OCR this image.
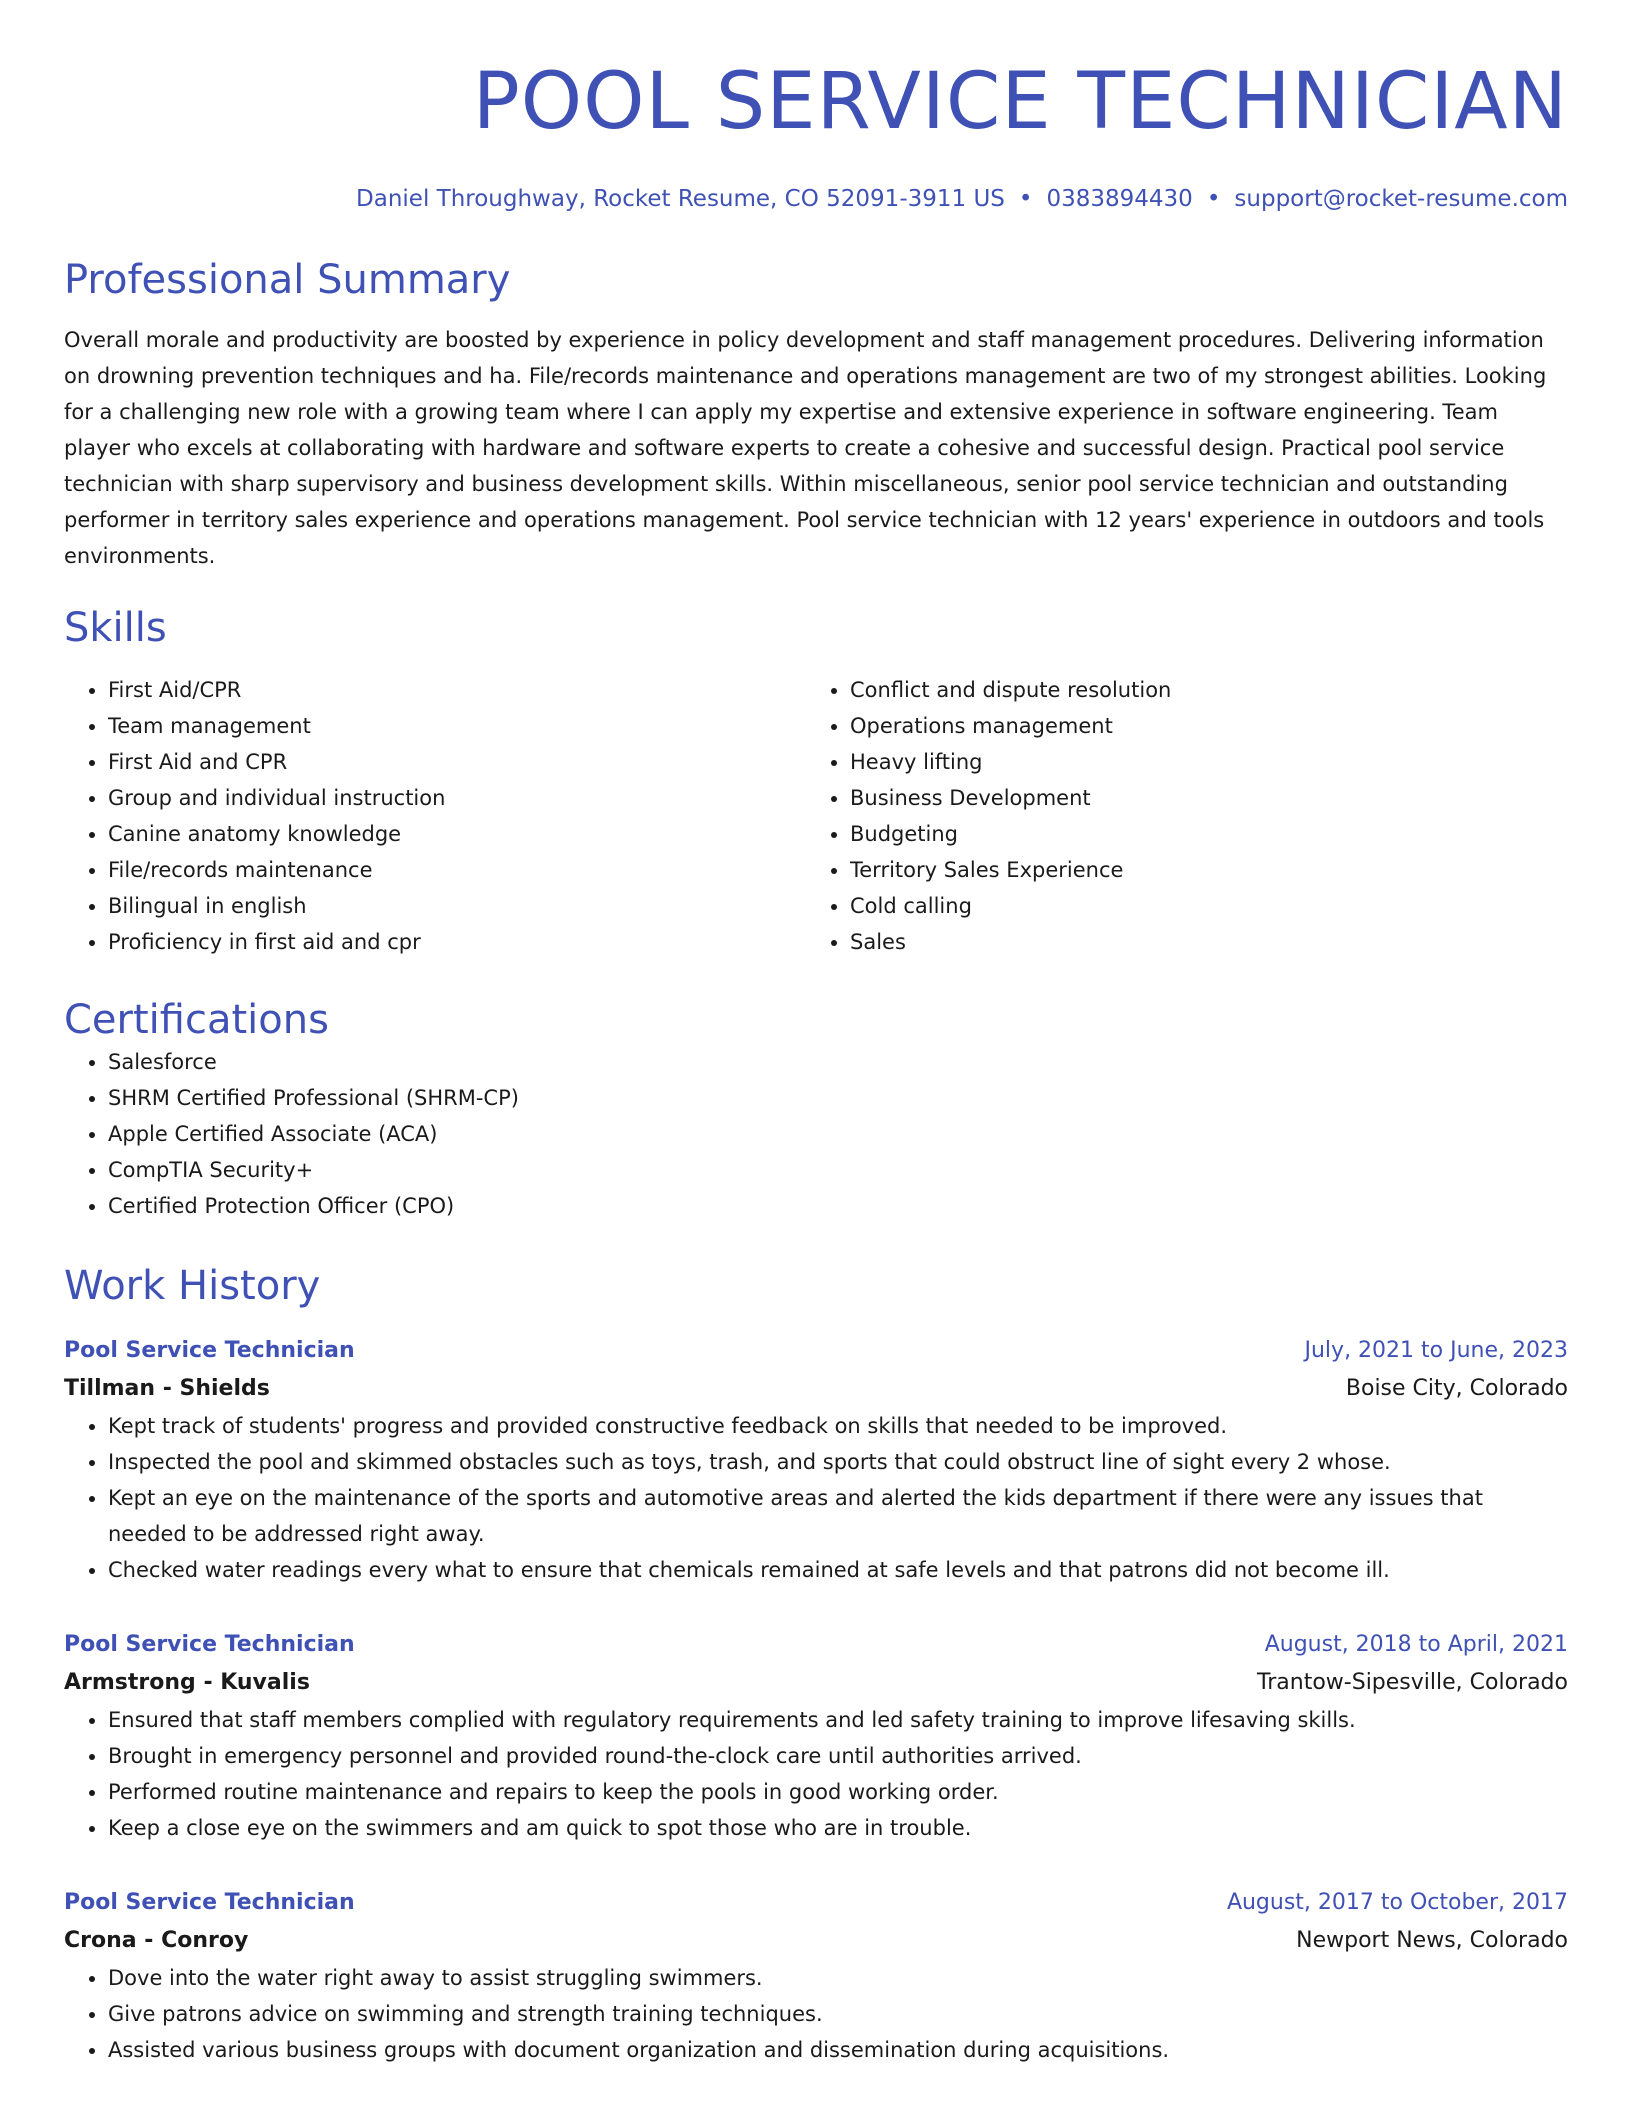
POOL SERVICE TECHNICIAN
Daniel Throughway, Rocket Resume, CO 52091-3911 US • 0383894430 • support@rocket-resume.com
Professional Summary

Overall morale and productivity are boosted by experience in policy development and staff management procedures. Delivering information on drowning prevention techniques and ha. File/records maintenance and operations management are two of my strongest abilities. Looking for a challenging new role with a growing team where I can apply my expertise and extensive experience in software engineering. Team player who excels at collaborating with hardware and software experts to create a cohesive and successful design. Practical pool service technician with sharp supervisory and business development skills. Within miscellaneous, senior pool service technician and outstanding performer in territory sales experience and operations management. Pool service technician with 12 years' experience in outdoors and tools environments.

Skills
• First Aid/CPR
• Team management
• First Aid and CPR
• Group and individual instruction
• Canine anatomy knowledge
• File/records maintenance
• Bilingual in english
• Proficiency in first aid and cpr
• Conflict and dispute resolution
• Operations management
• Heavy lifting
• Business Development
• Budgeting
• Territory Sales Experience
• Cold calling
• Sales
Certifications
• Salesforce
• SHRM Certified Professional (SHRM-CP)
• Apple Certified Associate (ACA)
• CompTIA Security+
• Certified Protection Officer (CPO)
Work History
Pool Service Technician	July, 2021 to June, 2023
Tillman - Shields	Boise City, Colorado
• Kept track of students' progress and provided constructive feedback on skills that needed to be improved.
• Inspected the pool and skimmed obstacles such as toys, trash, and sports that could obstruct line of sight every 2 whose.
• Kept an eye on the maintenance of the sports and automotive areas and alerted the kids department if there were any issues that needed to be addressed right away.
• Checked water readings every what to ensure that chemicals remained at safe levels and that patrons did not become ill.
Pool Service Technician	August, 2018 to April, 2021
Armstrong - Kuvalis	Trantow-Sipesville, Colorado
• Ensured that staff members complied with regulatory requirements and led safety training to improve lifesaving skills.
• Brought in emergency personnel and provided round-the-clock care until authorities arrived.
• Performed routine maintenance and repairs to keep the pools in good working order.
• Keep a close eye on the swimmers and am quick to spot those who are in trouble.
Pool Service Technician	August, 2017 to October, 2017
Crona - Conroy	Newport News, Colorado
• Dove into the water right away to assist struggling swimmers.
• Give patrons advice on swimming and strength training techniques.
• Assisted various business groups with document organization and dissemination during acquisitions.
